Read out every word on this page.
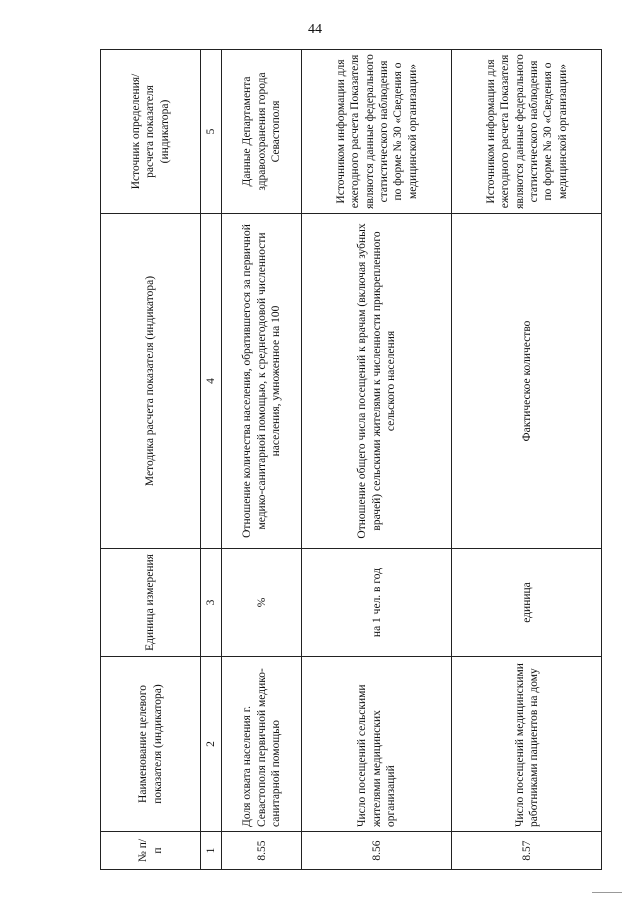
44
№ п/п	Наименование целевого показателя (индикатора)	Единица измерения	Методика расчета показателя (индикатора)	Источник определения/ расчета показателя (индикатора)
1	2	3	4	5
8.55	Доля охвата населения г. Севастополя первичной медико-санитарной помощью	%	Отношение количества населения, обратившегося за первичной медико-санитарной помощью, к среднегодовой численности населения, умноженное на 100	Данные Департамента здравоохранения города Севастополя
8.56	Число посещений сельскими жителями медицинских организаций	на 1 чел. в год	Отношение общего числа посещений к врачам (включая зубных врачей) сельскими жителями к численности прикрепленного сельского населения	Источником информации для ежегодного расчета Показателя являются данные федерального статистического наблюдения по форме № 30 «Сведения о медицинской организации»
8.57	Число посещений медицинскими работниками пациентов на дому	единица	Фактическое количество	Источником информации для ежегодного расчета Показателя являются данные федерального статистического наблюдения по форме № 30 «Сведения о медицинской организации»
